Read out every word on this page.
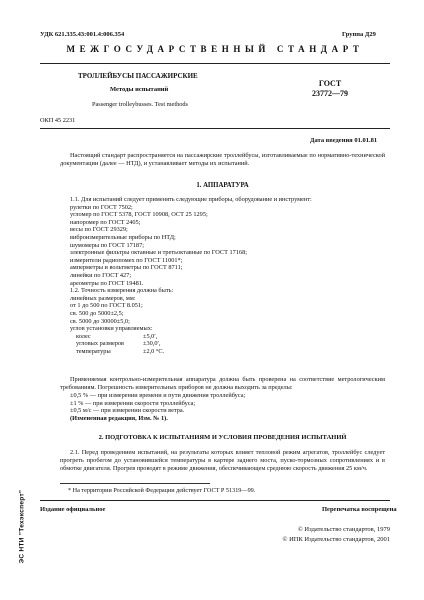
УДК 621.335.43:001.4:006.354	Группа Д29
МЕЖГОСУДАРСТВЕННЫЙ СТАНДАРТ
ТРОЛЛЕЙБУСЫ ПАССАЖИРСКИЕ
Методы испытаний
Passenger trolleybusses. Test methods
ГОСТ
23772—79
ОКП 45 2231
Дата введения 01.01.81
Настоящий стандарт распространяется на пассажирские троллейбусы, изготавливаемые по нормативно-технической документации (далее — НТД), и устанавливает методы их испытаний.
1. АППАРАТУРА
1.1. Для испытаний следует применять следующие приборы, оборудование и инструмент:
рулетки по ГОСТ 7502;
угломер по ГОСТ 5378, ГОСТ 10908, ОСТ 25 1295;
напоромер по ГОСТ 2405;
весы по ГОСТ 29329;
виброизмерительные приборы по НТД;
шумомеры по ГОСТ 17187;
электронные фильтры октавные и третьоктавные по ГОСТ 17168;
измерители радиопомех по ГОСТ 11001*;
амперметры и вольтметры по ГОСТ 8711;
линейки по ГОСТ 427;
ареометры по ГОСТ 19481.
1.2. Точность измерения должна быть:
линейных размеров, мм:
от 1 до 500 по ГОСТ 8.051;
св. 500 до 5000±2,5;
св. 5000 до 30000±5,0;
углов установки управляемых:
колес	±5,0′,
угловых размеров	±30,0′,
температуры	±2,0 °С.
Применяемая контрольно-измерительная аппаратура должна быть проверена на соответствие метрологическим требованиям. Погрешность измерительных приборов не должна выходить за пределы:
±0,5 % — при измерении времени и пути движения троллейбуса;
±1 % — при измерении скорости троллейбуса;
±0,5 м/с — при измерении скорости ветра.
(Измененная редакция, Изм. № 1).
2. ПОДГОТОВКА К ИСПЫТАНИЯМ И УСЛОВИЯ ПРОВЕДЕНИЯ ИСПЫТАНИЙ
2.1. Перед проведением испытаний, на результаты которых влияет тепловой режим агрегатов, троллейбус следует прогреть пробегом до установившейся температуры в картере заднего моста, пуско-тормозных сопротивлениях и в обмотке двигателя. Прогрев проводят в режиме движения, обеспечивающем среднюю скорость движения 25 км/ч.
* На территории Российской Федерации действует ГОСТ Р 51319—99.
Издание официальное	Перепечатка воспрещена
© Издательство стандартов, 1979
© ИПК Издательство стандартов, 2001
ЭС НТИ "Техэксперт"
